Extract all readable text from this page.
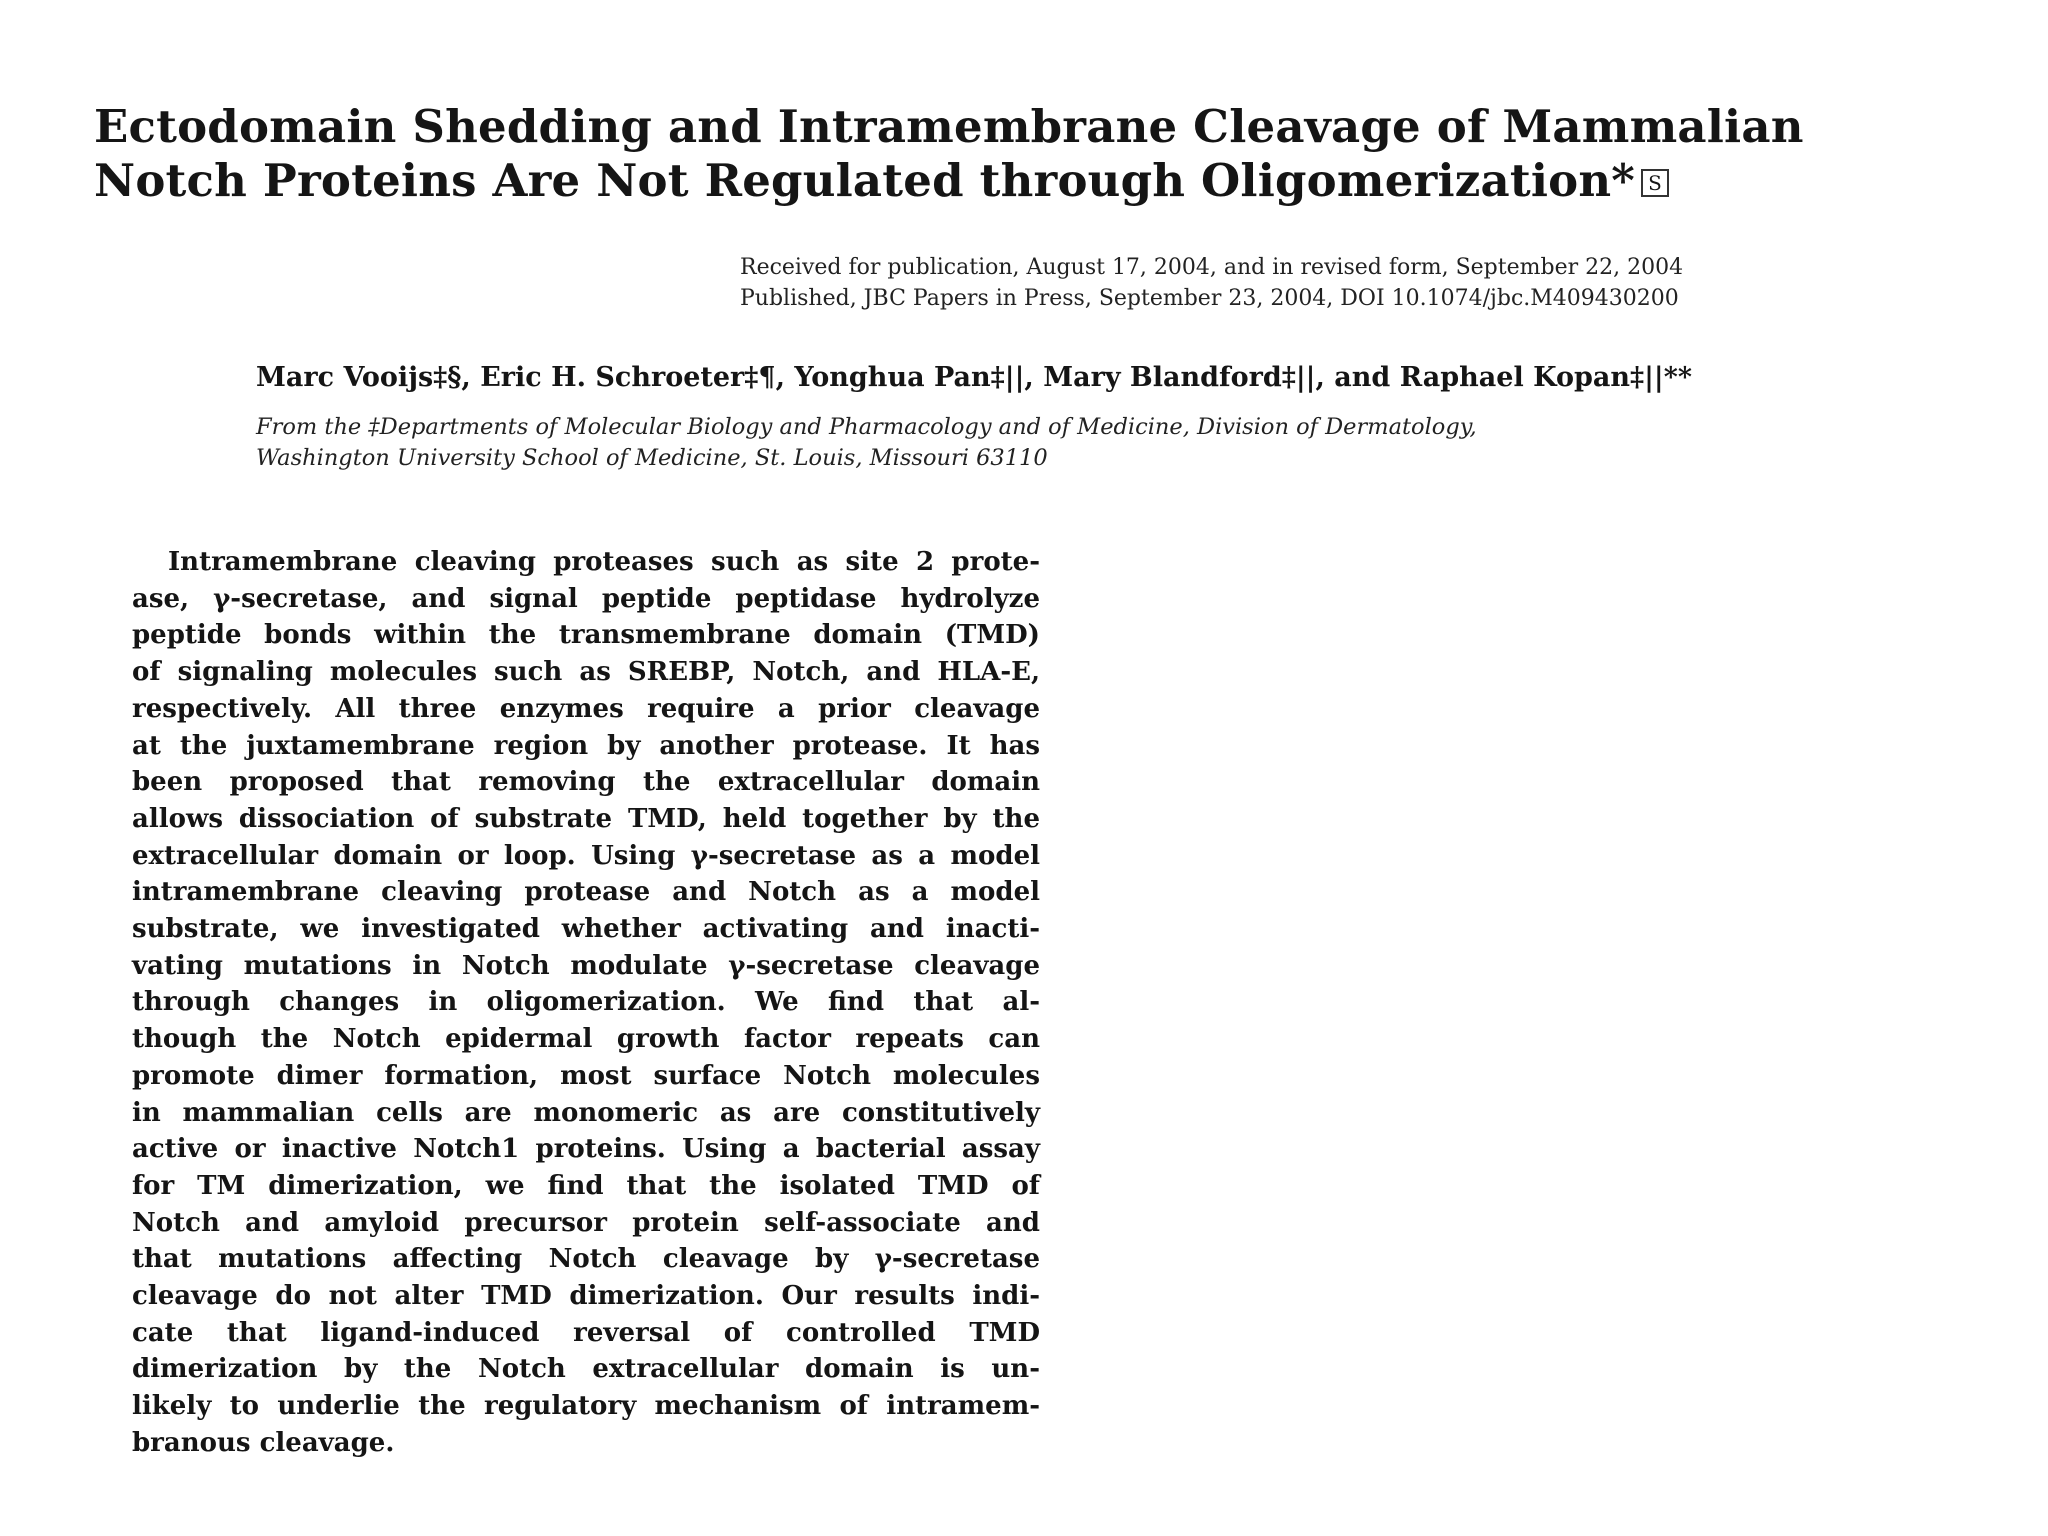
Ectodomain Shedding and Intramembrane Cleavage of Mammalian
Notch Proteins Are Not Regulated through Oligomerization* S
Received for publication, August 17, 2004, and in revised form, September 22, 2004
Published, JBC Papers in Press, September 23, 2004, DOI 10.1074/jbc.M409430200
Marc Vooijs‡§, Eric H. Schroeter‡¶, Yonghua Pan‡||, Mary Blandford‡||, and Raphael Kopan‡||**
From the ‡Departments of Molecular Biology and Pharmacology and of Medicine, Division of Dermatology,
Washington University School of Medicine, St. Louis, Missouri 63110
Intramembrane cleaving proteases such as site 2 prote-
ase, γ-secretase, and signal peptide peptidase hydrolyze
peptide bonds within the transmembrane domain (TMD)
of signaling molecules such as SREBP, Notch, and HLA-E,
respectively. All three enzymes require a prior cleavage
at the juxtamembrane region by another protease. It has
been proposed that removing the extracellular domain
allows dissociation of substrate TMD, held together by the
extracellular domain or loop. Using γ-secretase as a model
intramembrane cleaving protease and Notch as a model
substrate, we investigated whether activating and inacti-
vating mutations in Notch modulate γ-secretase cleavage
through changes in oligomerization. We find that al-
though the Notch epidermal growth factor repeats can
promote dimer formation, most surface Notch molecules
in mammalian cells are monomeric as are constitutively
active or inactive Notch1 proteins. Using a bacterial assay
for TM dimerization, we find that the isolated TMD of
Notch and amyloid precursor protein self-associate and
that mutations affecting Notch cleavage by γ-secretase
cleavage do not alter TMD dimerization. Our results indi-
cate that ligand-induced reversal of controlled TMD
dimerization by the Notch extracellular domain is un-
likely to underlie the regulatory mechanism of intramem-
branous cleavage.
